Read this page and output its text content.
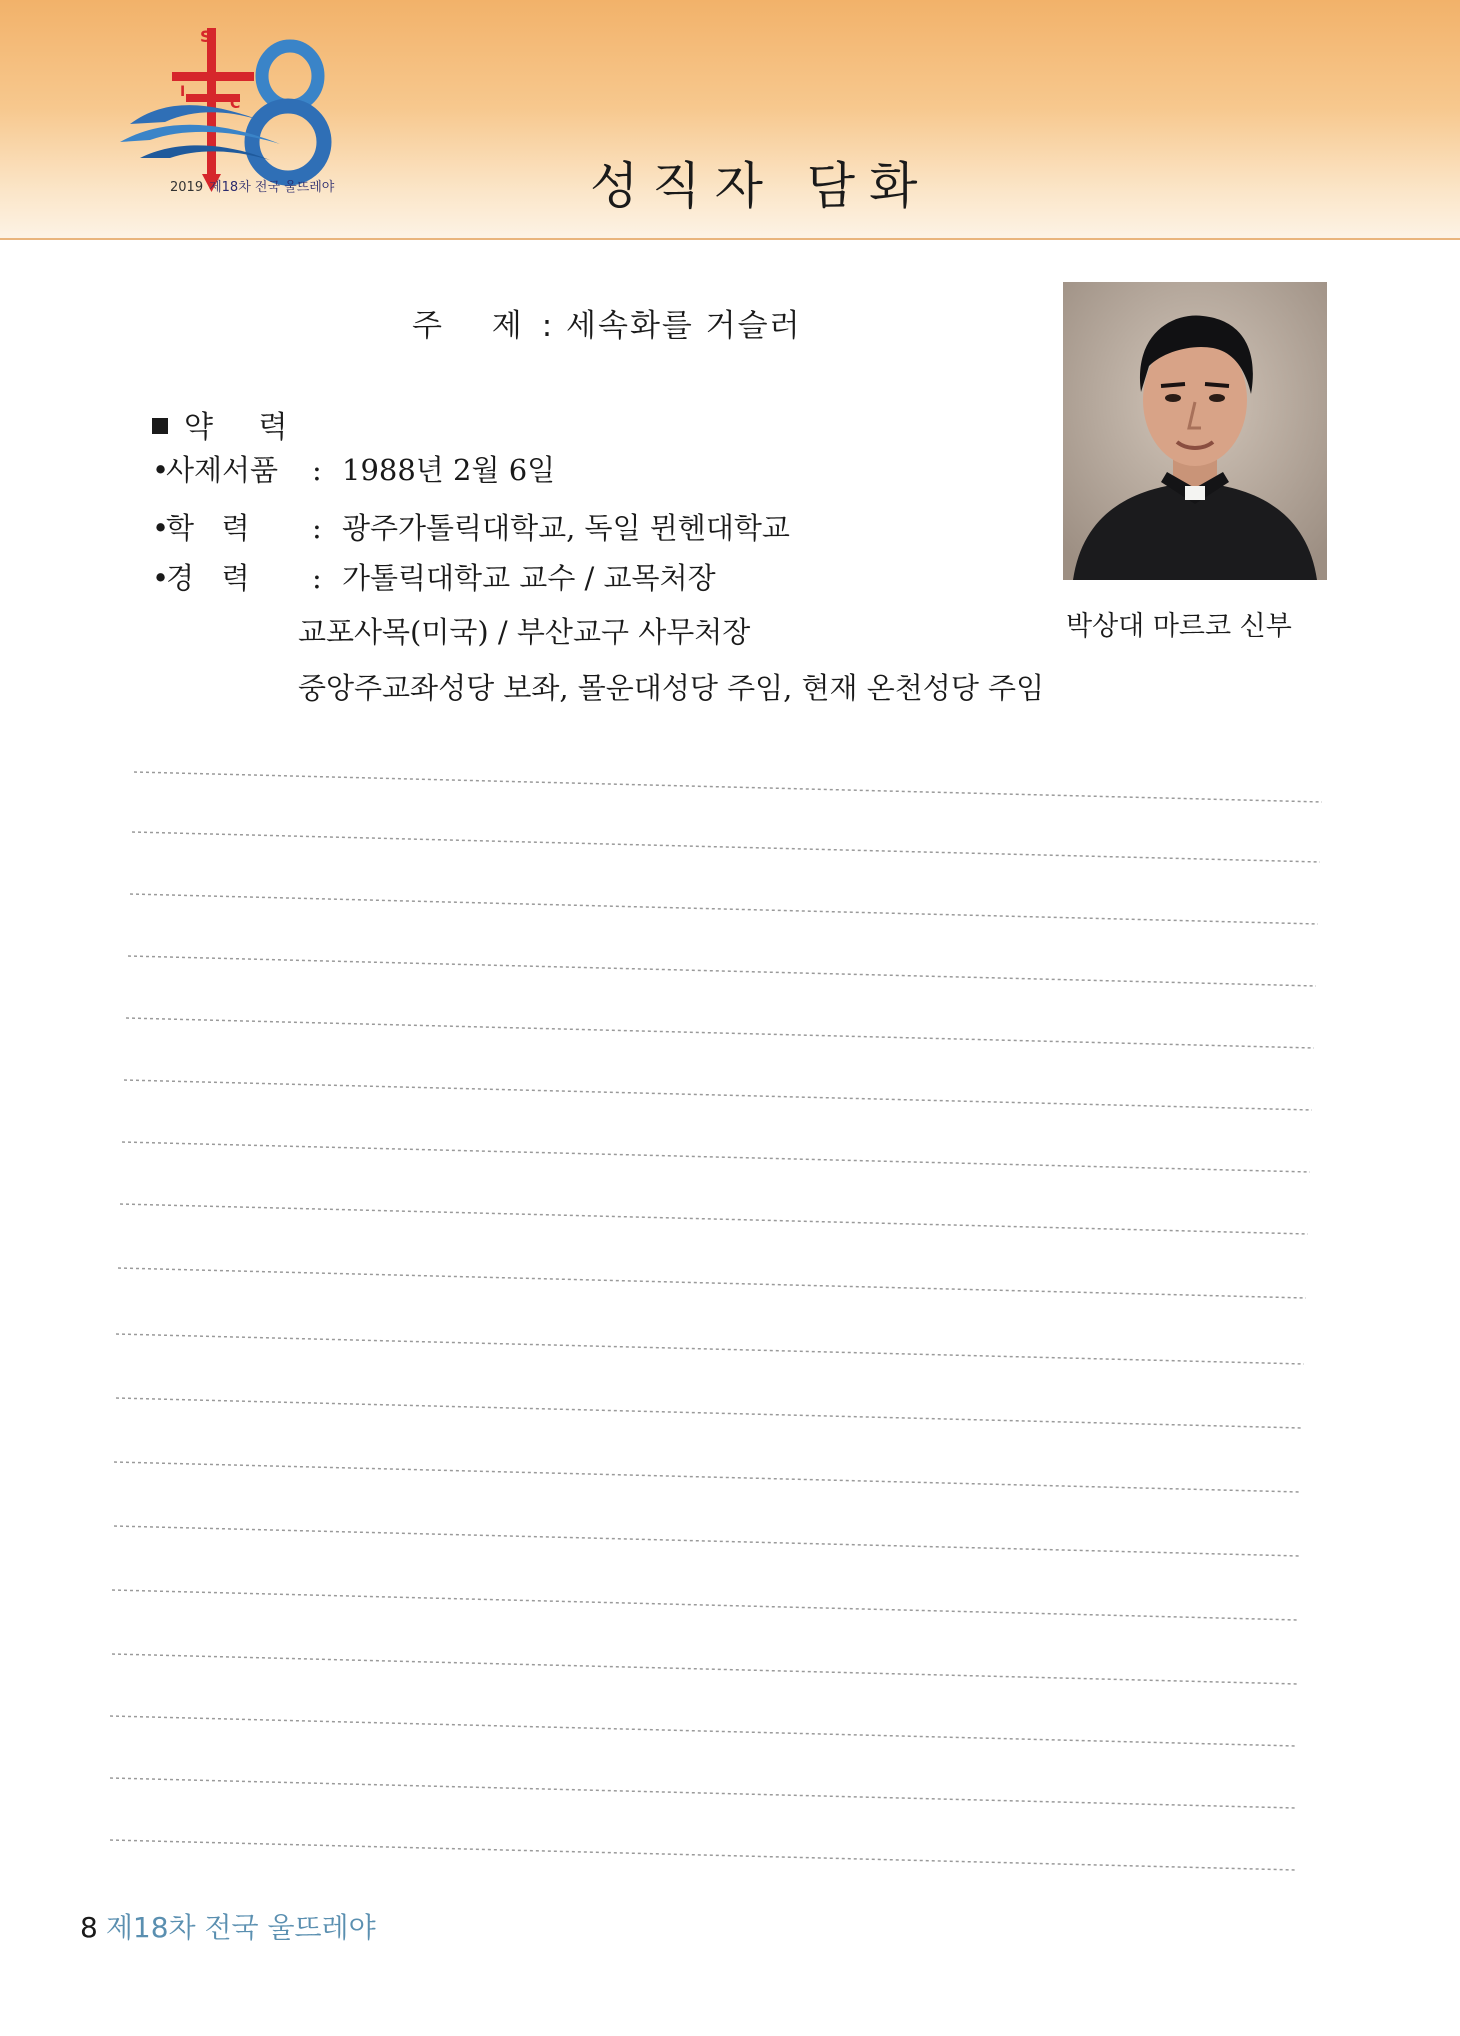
S
C
I
2019 제18차 전국 울뜨레야	성직자 담화
주 제: 세속화를 거슬러
박상대 마르코 신부
약 력
•사제서품 : 1988년 2월 6일
•학   력 : 광주가톨릭대학교, 독일 뮌헨대학교
•경   력 : 가톨릭대학교 교수 / 교목처장
교포사목(미국) / 부산교구 사무처장
중앙주교좌성당 보좌, 몰운대성당 주임, 현재 온천성당 주임
8 제18차 전국 울뜨레야
